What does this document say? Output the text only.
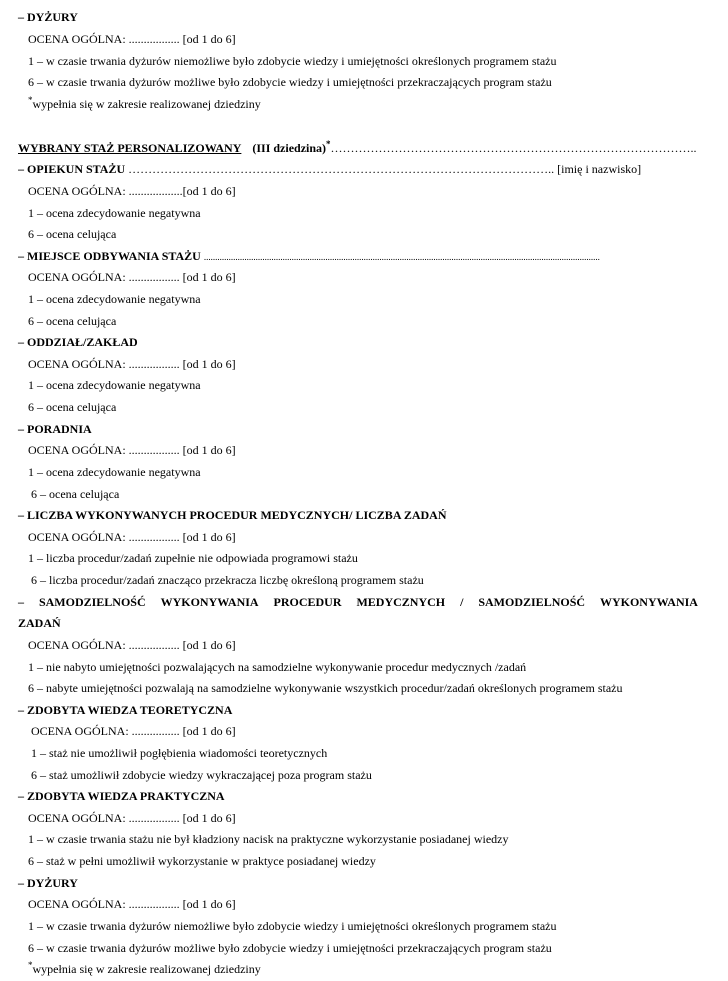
– DYŻURY
OCENA OGÓLNA: ................. [od 1 do 6]
1 – w czasie trwania dyżurów niemożliwe było zdobycie wiedzy i umiejętności określonych programem stażu
6 – w czasie trwania dyżurów możliwe było zdobycie wiedzy i umiejętności przekraczających program stażu
*wypełnia się w zakresie realizowanej dziedziny
WYBRANY STAŻ PERSONALIZOWANY (III dziedzina)*………………………………………………………………………………..
– OPIEKUN STAŻU …………………………………………………………………………………………….. [imię i nazwisko]
OCENA OGÓLNA: ..................[od 1 do 6]
1 – ocena zdecydowanie negatywna
6 – ocena celująca
– MIEJSCE ODBYWANIA STAŻU ................................................................................................................................................................................
OCENA OGÓLNA: ................. [od 1 do 6]
1 – ocena zdecydowanie negatywna
6 – ocena celująca
– ODDZIAŁ/ZAKŁAD
OCENA OGÓLNA: ................. [od 1 do 6]
1 – ocena zdecydowanie negatywna
6 – ocena celująca
– PORADNIA
OCENA OGÓLNA: ................. [od 1 do 6]
1 – ocena zdecydowanie negatywna
6 – ocena celująca
– LICZBA WYKONYWANYCH PROCEDUR MEDYCZNYCH/ LICZBA ZADAŃ
OCENA OGÓLNA: ................. [od 1 do 6]
1 – liczba procedur/zadań zupełnie nie odpowiada programowi stażu
6 – liczba procedur/zadań znacząco przekracza liczbę określoną programem stażu
– SAMODZIELNOŚĆ WYKONYWANIA PROCEDUR MEDYCZNYCH / SAMODZIELNOŚĆ WYKONYWANIA
ZADAŃ
OCENA OGÓLNA: ................. [od 1 do 6]
1 – nie nabyto umiejętności pozwalających na samodzielne wykonywanie procedur medycznych /zadań
6 – nabyte umiejętności pozwalają na samodzielne wykonywanie wszystkich procedur/zadań określonych programem stażu
– ZDOBYTA WIEDZA TEORETYCZNA
OCENA OGÓLNA: ................ [od 1 do 6]
1 – staż nie umożliwił pogłębienia wiadomości teoretycznych
6 – staż umożliwił zdobycie wiedzy wykraczającej poza program stażu
– ZDOBYTA WIEDZA PRAKTYCZNA
OCENA OGÓLNA: ................. [od 1 do 6]
1 – w czasie trwania stażu nie był kładziony nacisk na praktyczne wykorzystanie posiadanej wiedzy
6 – staż w pełni umożliwił wykorzystanie w praktyce posiadanej wiedzy
– DYŻURY
OCENA OGÓLNA: ................. [od 1 do 6]
1 – w czasie trwania dyżurów niemożliwe było zdobycie wiedzy i umiejętności określonych programem stażu
6 – w czasie trwania dyżurów możliwe było zdobycie wiedzy i umiejętności przekraczających program stażu
*wypełnia się w zakresie realizowanej dziedziny
